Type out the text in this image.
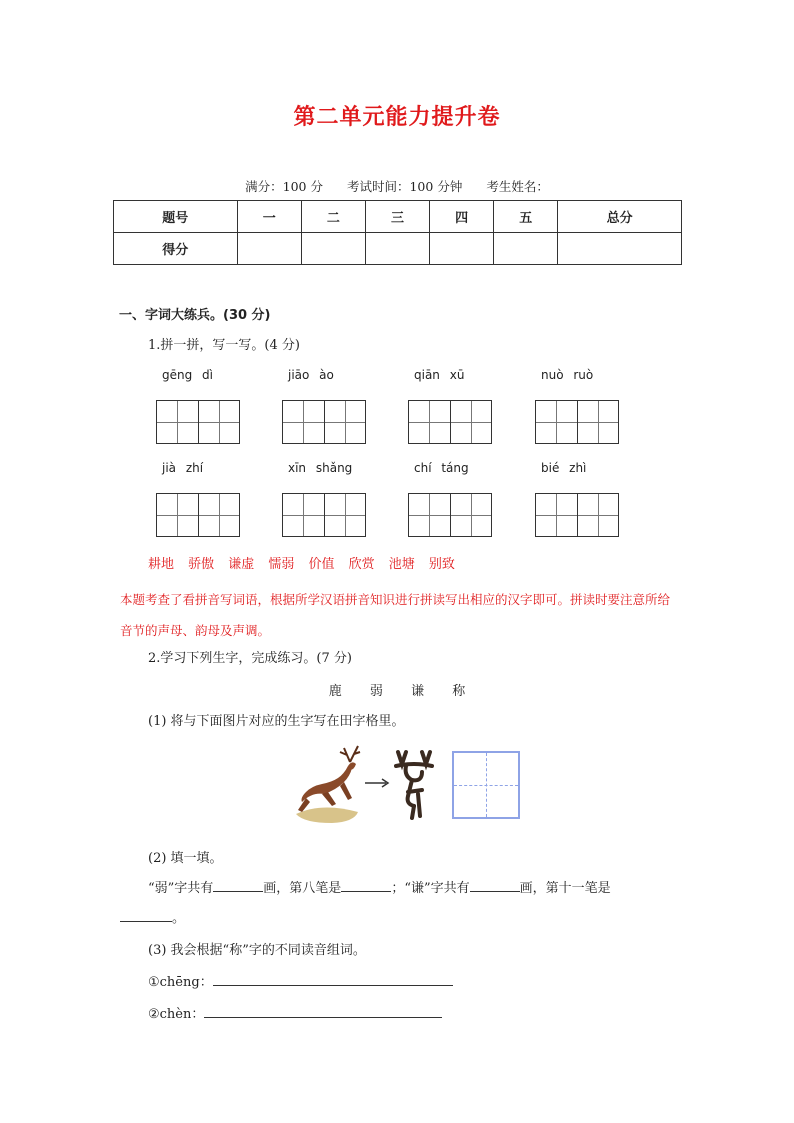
第二单元能力提升卷
满分：100 分 考试时间：100 分钟 考生姓名：
题号	一	二	三	四	五	总分
得分						
一、字词大练兵。(30 分)
1.拼一拼，写一写。(4 分)
gēng dì	jiāo ào	qiān xū	nuò ruò
jià zhí	xīn shǎng	chí táng	bié zhì
耕地 骄傲 谦虚 懦弱 价值 欣赏 池塘 别致
本题考查了看拼音写词语，根据所学汉语拼音知识进行拼读写出相应的汉字即可。拼读时要注意所给音节的声母、韵母及声调。
2.学习下列生字，完成练习。(7 分)
鹿 弱 谦 称
(1) 将与下面图片对应的生字写在田字格里。
(2) 填一填。
“弱”字共有	画，第八笔是	；“谦”字共有	画，第十一笔是
。
(3) 我会根据“称”字的不同读音组词。
①chēng：
②chèn：
